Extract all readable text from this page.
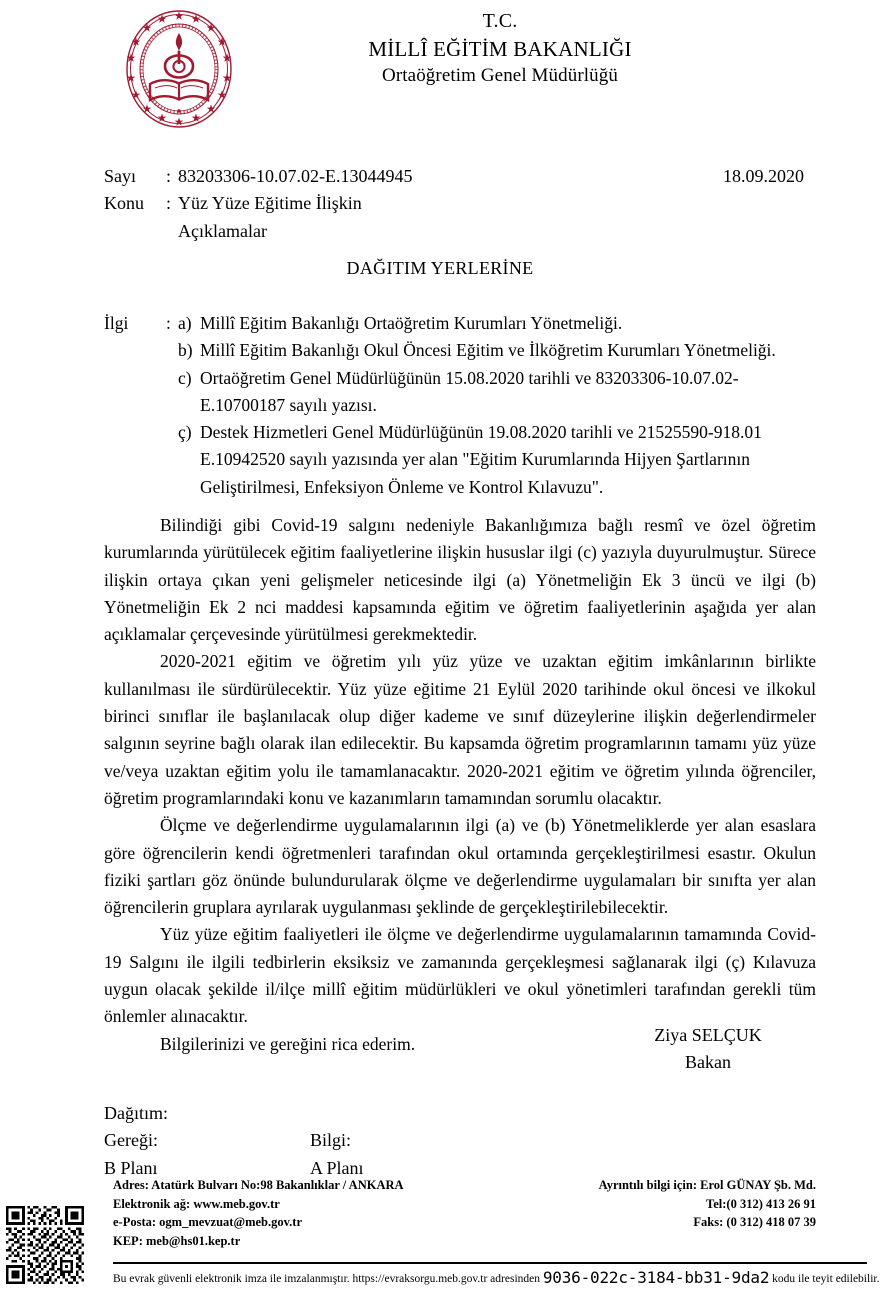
T.C.
MİLLÎ EĞİTİM BAKANLIĞI
Ortaöğretim Genel Müdürlüğü
Sayı	: 83203306-10.07.02-E.13044945
Konu	: Yüz Yüze Eğitime İlişkin
Açıklamalar
18.09.2020
DAĞITIM YERLERİNE
İlgi	: a) Millî Eğitim Bakanlığı Ortaöğretim Kurumları Yönetmeliği.
b) Millî Eğitim Bakanlığı Okul Öncesi Eğitim ve İlköğretim Kurumları Yönetmeliği.
c) Ortaöğretim Genel Müdürlüğünün 15.08.2020 tarihli ve 83203306-10.07.02-E.10700187 sayılı yazısı.
ç) Destek Hizmetleri Genel Müdürlüğünün 19.08.2020 tarihli ve 21525590-918.01 E.10942520 sayılı yazısında yer alan "Eğitim Kurumlarında Hijyen Şartlarının Geliştirilmesi, Enfeksiyon Önleme ve Kontrol Kılavuzu".

Bilindiği gibi Covid-19 salgını nedeniyle Bakanlığımıza bağlı resmî ve özel öğretim kurumlarında yürütülecek eğitim faaliyetlerine ilişkin hususlar ilgi (c) yazıyla duyurulmuştur. Sürece ilişkin ortaya çıkan yeni gelişmeler neticesinde ilgi (a) Yönetmeliğin Ek 3 üncü ve ilgi (b) Yönetmeliğin Ek 2 nci maddesi kapsamında eğitim ve öğretim faaliyetlerinin aşağıda yer alan açıklamalar çerçevesinde yürütülmesi gerekmektedir.

2020-2021 eğitim ve öğretim yılı yüz yüze ve uzaktan eğitim imkânlarının birlikte kullanılması ile sürdürülecektir. Yüz yüze eğitime 21 Eylül 2020 tarihinde okul öncesi ve ilkokul birinci sınıflar ile başlanılacak olup diğer kademe ve sınıf düzeylerine ilişkin değerlendirmeler salgının seyrine bağlı olarak ilan edilecektir. Bu kapsamda öğretim programlarının tamamı yüz yüze ve/veya uzaktan eğitim yolu ile tamamlanacaktır. 2020-2021 eğitim ve öğretim yılında öğrenciler, öğretim programlarındaki konu ve kazanımların tamamından sorumlu olacaktır.

Ölçme ve değerlendirme uygulamalarının ilgi (a) ve (b) Yönetmeliklerde yer alan esaslara göre öğrencilerin kendi öğretmenleri tarafından okul ortamında gerçekleştirilmesi esastır. Okulun fiziki şartları göz önünde bulundurularak ölçme ve değerlendirme uygulamaları bir sınıfta yer alan öğrencilerin gruplara ayrılarak uygulanması şeklinde de gerçekleştirilebilecektir.

Yüz yüze eğitim faaliyetleri ile ölçme ve değerlendirme uygulamalarının tamamında Covid-19 Salgını ile ilgili tedbirlerin eksiksiz ve zamanında gerçekleşmesi sağlanarak ilgi (ç) Kılavuza uygun olacak şekilde il/ilçe millî eğitim müdürlükleri ve okul yönetimleri tarafından gerekli tüm önlemler alınacaktır.

Bilgilerinizi ve gereğini rica ederim.	Ziya SELÇUK
Bakan
Dağıtım:
Gereği:	Bilgi:
B Planı	A Planı
Adres: Atatürk Bulvarı No:98 Bakanlıklar / ANKARA
Elektronik ağ: www.meb.gov.tr
e-Posta: ogm_mevzuat@meb.gov.tr
KEP: meb@hs01.kep.tr
Ayrıntılı bilgi için: Erol GÜNAY Şb. Md.
Tel:(0 312) 413 26 91
Faks: (0 312) 418 07 39
Bu evrak güvenli elektronik imza ile imzalanmıştır. https://evraksorgu.meb.gov.tr adresinden 9036-022c-3184-bb31-9da2 kodu ile teyit edilebilir.
